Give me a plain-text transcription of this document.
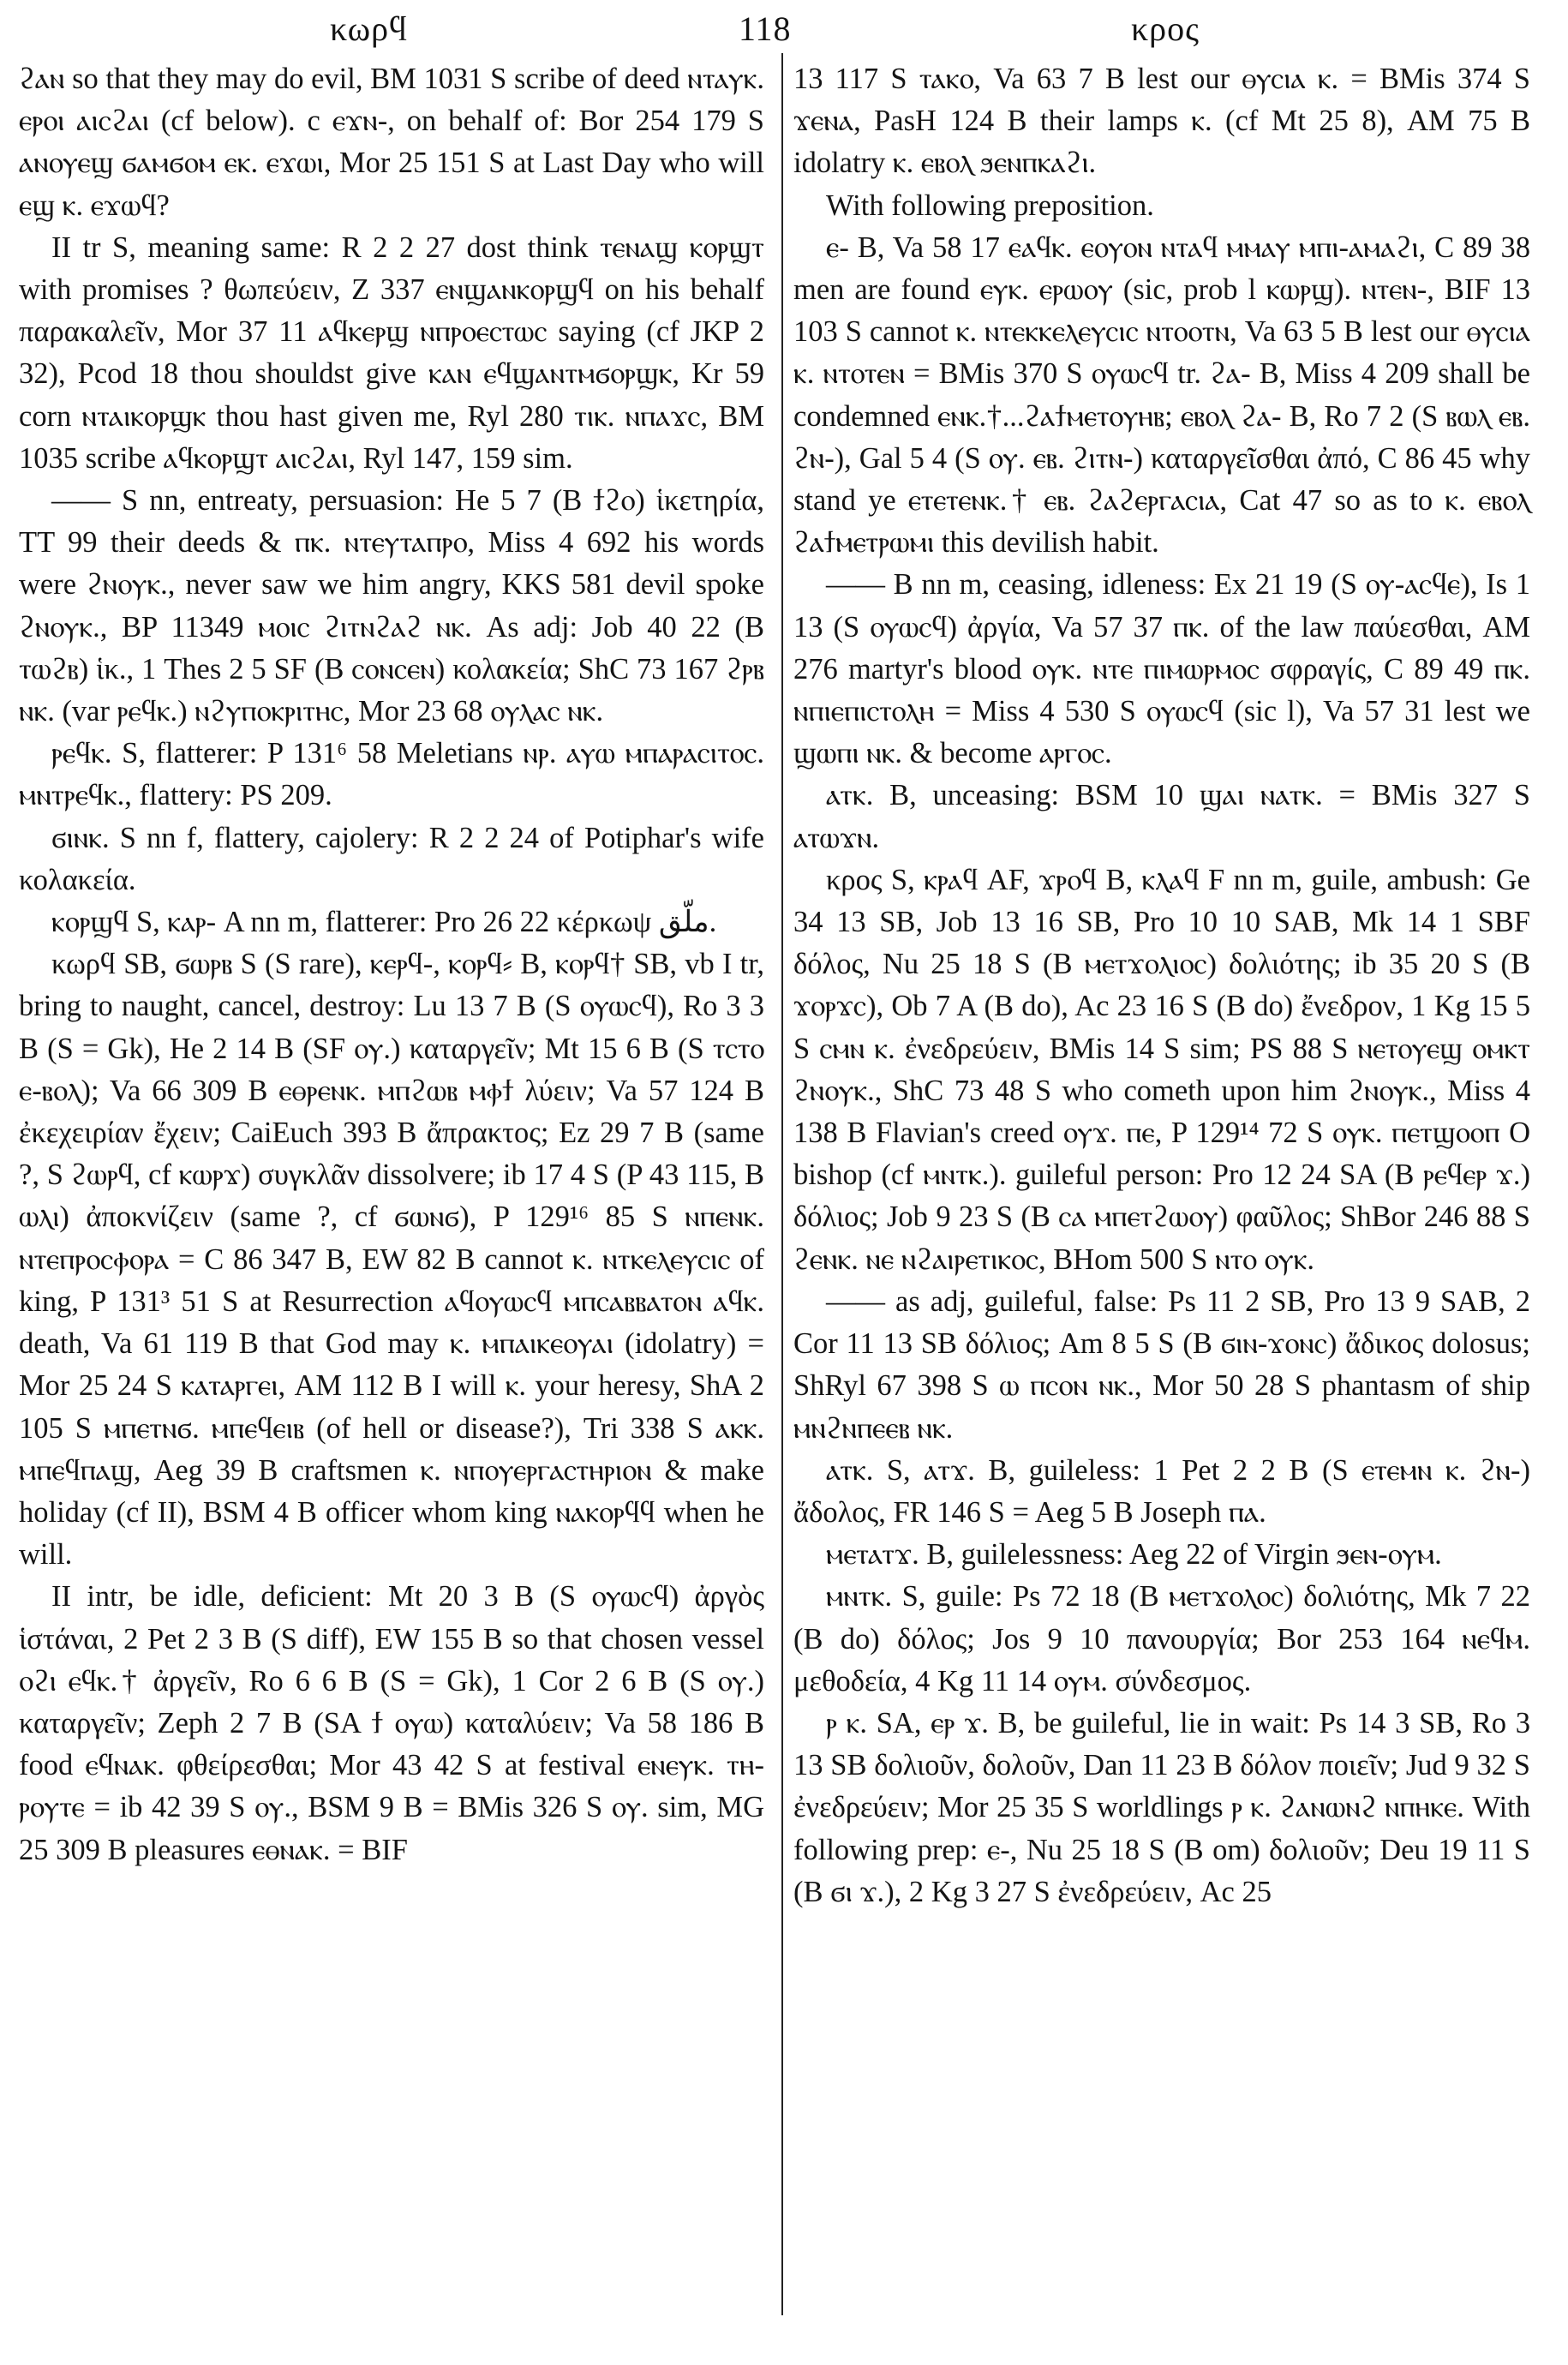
κωρϥ	118	κρος

ϩⲁⲛ so that they may do evil, BM 1031 S scribe of deed ⲛⲧⲁⲩⲕ. ⲉⲣⲟⲓ ⲁⲓⲥϩⲁⲓ (cf below). c ⲉϫⲛ-, on behalf of: Bor 254 179 S ⲁⲛⲟⲩⲉϣ ϭⲁⲙϭⲟⲙ ⲉⲕ. ⲉϫⲱⲓ, Mor 25 151 S at Last Day who will ⲉϣ ⲕ. ⲉϫⲱϥ?

II tr S, meaning same: R 2 2 27 dost think ⲧⲉⲛⲁϣ ⲕⲟⲣϣⲧ with promises ? θωπεύειν, Z 337 ⲉⲛϣⲁⲛⲕⲟⲣϣϥ on his behalf παρακαλεῖν, Mor 37 11 ⲁϥⲕⲉⲣϣ ⲛⲡⲣⲟⲉⲥⲧⲱⲥ saying (cf JKP 2 32), Pcod 18 thou shouldst give ⲕⲁⲛ ⲉϥϣⲁⲛⲧⲙϭⲟⲣϣⲕ, Kr 59 corn ⲛⲧⲁⲓⲕⲟⲣϣⲕ thou hast given me, Ryl 280 ⲧⲓⲕ. ⲛⲡⲁϫⲥ, BM 1035 scribe ⲁϥⲕⲟⲣϣⲧ ⲁⲓⲥϩⲁⲓ, Ryl 147, 159 sim.

—— S nn, entreaty, persuasion: He 5 7 (B ϯϩⲟ) ἱκετηρία, TT 99 their deeds & ⲡⲕ. ⲛⲧⲉⲩⲧⲁⲡⲣⲟ, Miss 4 692 his words were ϩⲛⲟⲩⲕ., never saw we him angry, KKS 581 devil spoke ϩⲛⲟⲩⲕ., BP 11349 ⲙⲟⲓⲥ ϩⲓⲧⲛϩⲁϩ ⲛⲕ. As adj: Job 40 22 (B ⲧⲱϩⲃ) ἱκ., 1 Thes 2 5 SF (B ⲥⲟⲛⲥⲉⲛ) κολακεία; ShC 73 167 ϩⲣⲃ ⲛⲕ. (var ⲣⲉϥⲕ.) ⲛϩⲩⲡⲟⲕⲣⲓⲧⲏⲥ, Mor 23 68 ⲟⲩⲗⲁⲥ ⲛⲕ.

ⲣⲉϥⲕ. S, flatterer: P 131⁶ 58 Meletians ⲛⲣ. ⲁⲩⲱ ⲙⲡⲁⲣⲁⲥⲓⲧⲟⲥ. ⲙⲛⲧⲣⲉϥⲕ., flattery: PS 209.

ϭⲓⲛⲕ. S nn f, flattery, cajolery: R 2 2 24 of Potiphar's wife κολακεία.

ⲕⲟⲣϣϥ S, ⲕⲁⲣ- A nn m, flatterer: Pro 26 22 κέρκωψ ﻣﻠّﻖ.

κωρϥ SB, ϭⲱⲣⲃ S (S rare), ⲕⲉⲣϥ-, ⲕⲟⲣϥ⸗ B, ⲕⲟⲣϥ† SB, vb I tr, bring to naught, cancel, destroy: Lu 13 7 B (S ⲟⲩⲱⲥϥ), Ro 3 3 B (S = Gk), He 2 14 B (SF ⲟⲩ.) καταργεῖν; Mt 15 6 B (S ⲧⲥⲧⲟ ⲉ-ⲃⲟⲗ); Va 66 309 B ⲉⲑⲣⲉⲛⲕ. ⲙⲡϩⲱⲃ ⲙⲫϯ λύειν; Va 57 124 B ἐκεχειρίαν ἔχειν; CaiEuch 393 B ἄπρακτος; Ez 29 7 B (same ?, S ϩⲱⲣϥ, cf ⲕⲱⲣϫ) συγκλᾶν dissolvere; ib 17 4 S (P 43 115, B ⲱⲗⲓ) ἀποκνίζειν (same ?, cf ϭⲱⲛϭ), P 129¹⁶ 85 S ⲛⲡⲉⲛⲕ. ⲛⲧⲉⲡⲣⲟⲥⲫⲟⲣⲁ = C 86 347 B, EW 82 B cannot ⲕ. ⲛⲧⲕⲉⲗⲉⲩⲥⲓⲥ of king, P 131³ 51 S at Resurrection ⲁϥⲟⲩⲱⲥϥ ⲙⲡⲥⲁⲃⲃⲁⲧⲟⲛ ⲁϥⲕ. death, Va 61 119 B that God may ⲕ. ⲙⲡⲁⲓⲕⲉⲟⲩⲁⲓ (idolatry) = Mor 25 24 S ⲕⲁⲧⲁⲣⲅⲉⲓ, AM 112 B I will ⲕ. your heresy, ShA 2 105 S ⲙⲡⲉⲧⲛϭ. ⲙⲡⲉϥⲉⲓⲃ (of hell or disease?), Tri 338 S ⲁⲕⲕ. ⲙⲡⲉϥⲡⲁϣ, Aeg 39 B craftsmen ⲕ. ⲛⲡⲟⲩⲉⲣⲅⲁⲥⲧⲏⲣⲓⲟⲛ & make holiday (cf II), BSM 4 B officer whom king ⲛⲁⲕⲟⲣϥϥ when he will.

II intr, be idle, deficient: Mt 20 3 B (S ⲟⲩⲱⲥϥ) ἀργὸς ἱστάναι, 2 Pet 2 3 B (S diff), EW 155 B so that chosen vessel ⲟϩⲓ ⲉϥⲕ.† ἀργεῖν, Ro 6 6 B (S = Gk), 1 Cor 2 6 B (S ⲟⲩ.) καταργεῖν; Zeph 2 7 B (SA ϯ ⲟⲩⲱ) καταλύειν; Va 58 186 B food ⲉϥⲛⲁⲕ. φθείρεσθαι; Mor 43 42 S at festival ⲉⲛⲉⲩⲕ. ⲧⲏ-ⲣⲟⲩⲧⲉ = ib 42 39 S ⲟⲩ., BSM 9 B = BMis 326 S ⲟⲩ. sim, MG 25 309 B pleasures ⲉⲑⲛⲁⲕ. = BIF

13 117 S ⲧⲁⲕⲟ, Va 63 7 B lest our ⲑⲩⲥⲓⲁ ⲕ. = BMis 374 S ϫⲉⲛⲁ, PasH 124 B their lamps ⲕ. (cf Mt 25 8), AM 75 B idolatry ⲕ. ⲉⲃⲟⲗ ϧⲉⲛⲡⲕⲁϩⲓ.

With following preposition.

ⲉ- B, Va 58 17 ⲉⲁϥⲕ. ⲉⲟⲩⲟⲛ ⲛⲧⲁϥ ⲙⲙⲁⲩ ⲙⲡⲓ-ⲁⲙⲁϩⲓ, C 89 38 men are found ⲉⲩⲕ. ⲉⲣⲱⲟⲩ (sic, prob l ⲕⲱⲣϣ). ⲛⲧⲉⲛ-, BIF 13 103 S cannot ⲕ. ⲛⲧⲉⲕⲕⲉⲗⲉⲩⲥⲓⲥ ⲛⲧⲟⲟⲧⲛ, Va 63 5 B lest our ⲑⲩⲥⲓⲁ ⲕ. ⲛⲧⲟⲧⲉⲛ = BMis 370 S ⲟⲩⲱⲥϥ tr. ϩⲁ- B, Miss 4 209 shall be condemned ⲉⲛⲕ.†...ϩⲁϯⲙⲉⲧⲟⲩⲏⲃ; ⲉⲃⲟⲗ ϩⲁ- B, Ro 7 2 (S ⲃⲱⲗ ⲉⲃ. ϩⲛ-), Gal 5 4 (S ⲟⲩ. ⲉⲃ. ϩⲓⲧⲛ-) καταργεῖσθαι ἀπό, C 86 45 why stand ye ⲉⲧⲉⲧⲉⲛⲕ.† ⲉⲃ. ϩⲁϩⲉⲣⲅⲁⲥⲓⲁ, Cat 47 so as to ⲕ. ⲉⲃⲟⲗ ϩⲁϯⲙⲉⲧⲣⲱⲙⲓ this devilish habit.

—— B nn m, ceasing, idleness: Ex 21 19 (S ⲟⲩ-ⲁⲥϥⲉ), Is 1 13 (S ⲟⲩⲱⲥϥ) ἀργία, Va 57 37 ⲡⲕ. of the law παύεσθαι, AM 276 martyr's blood ⲟⲩⲕ. ⲛⲧⲉ ⲡⲓⲙⲱⲣⲙⲟⲥ σφραγίς, C 89 49 ⲡⲕ. ⲛⲡⲓⲉⲡⲓⲥⲧⲟⲗⲏ = Miss 4 530 S ⲟⲩⲱⲥϥ (sic l), Va 57 31 lest we ϣⲱⲡⲓ ⲛⲕ. & become ⲁⲣⲅⲟⲥ.

ⲁⲧⲕ. B, unceasing: BSM 10 ϣⲁⲓ ⲛⲁⲧⲕ. = BMis 327 S ⲁⲧⲱϫⲛ.

κρος S, ⲕⲣⲁϥ AF, ϫⲣⲟϥ B, ⲕⲗⲁϥ F nn m, guile, ambush: Ge 34 13 SB, Job 13 16 SB, Pro 10 10 SAB, Mk 14 1 SBF δόλος, Nu 25 18 S (B ⲙⲉⲧϫⲟⲗⲓⲟⲥ) δολιότης; ib 35 20 S (B ϫⲟⲣϫⲥ), Ob 7 A (B do), Ac 23 16 S (B do) ἔνεδρον, 1 Kg 15 5 S ⲥⲙⲛ ⲕ. ἐνεδρεύειν, BMis 14 S sim; PS 88 S ⲛⲉⲧⲟⲩⲉϣ ⲟⲙⲕⲧ ϩⲛⲟⲩⲕ., ShC 73 48 S who cometh upon him ϩⲛⲟⲩⲕ., Miss 4 138 B Flavian's creed ⲟⲩϫ. ⲡⲉ, P 129¹⁴ 72 S ⲟⲩⲕ. ⲡⲉⲧϣⲟⲟⲡ O bishop (cf ⲙⲛⲧⲕ.). guileful person: Pro 12 24 SA (B ⲣⲉϥⲉⲣ ϫ.) δόλιος; Job 9 23 S (B ⲥⲁ ⲙⲡⲉⲧϩⲱⲟⲩ) φαῦλος; ShBor 246 88 S ϩⲉⲛⲕ. ⲛⲉ ⲛϩⲁⲓⲣⲉⲧⲓⲕⲟⲥ, BHom 500 S ⲛⲧⲟ ⲟⲩⲕ.

—— as adj, guileful, false: Ps 11 2 SB, Pro 13 9 SAB, 2 Cor 11 13 SB δόλιος; Am 8 5 S (B ϭⲓⲛ-ϫⲟⲛⲥ) ἄδικος dolosus; ShRyl 67 398 S ⲱ ⲡⲥⲟⲛ ⲛⲕ., Mor 50 28 S phantasm of ship ⲙⲛϩⲛⲡⲉⲉⲃ ⲛⲕ.

ⲁⲧⲕ. S, ⲁⲧϫ. B, guileless: 1 Pet 2 2 B (S ⲉⲧⲉⲙⲛ ⲕ. ϩⲛ-) ἄδολος, FR 146 S = Aeg 5 B Joseph ⲡⲁ.

ⲙⲉⲧⲁⲧϫ. B, guilelessness: Aeg 22 of Virgin ϧⲉⲛ-ⲟⲩⲙ.

ⲙⲛⲧⲕ. S, guile: Ps 72 18 (B ⲙⲉⲧϫⲟⲗⲟⲥ) δολιότης, Mk 7 22 (B do) δόλος; Jos 9 10 πανουργία; Bor 253 164 ⲛⲉϥⲙ. μεθοδεία, 4 Kg 11 14 ⲟⲩⲙ. σύνδεσμος.

ⲣ ⲕ. SA, ⲉⲣ ϫ. B, be guileful, lie in wait: Ps 14 3 SB, Ro 3 13 SB δολιοῦν, δολοῦν, Dan 11 23 B δόλον ποιεῖν; Jud 9 32 S ἐνεδρεύειν; Mor 25 35 S worldlings ⲣ ⲕ. ϩⲁⲛⲱⲛϩ ⲛⲡⲏⲕⲉ. With following prep: ⲉ-, Nu 25 18 S (B om) δολιοῦν; Deu 19 11 S (B ϭⲓ ϫ.), 2 Kg 3 27 S ἐνεδρεύειν, Ac 25
